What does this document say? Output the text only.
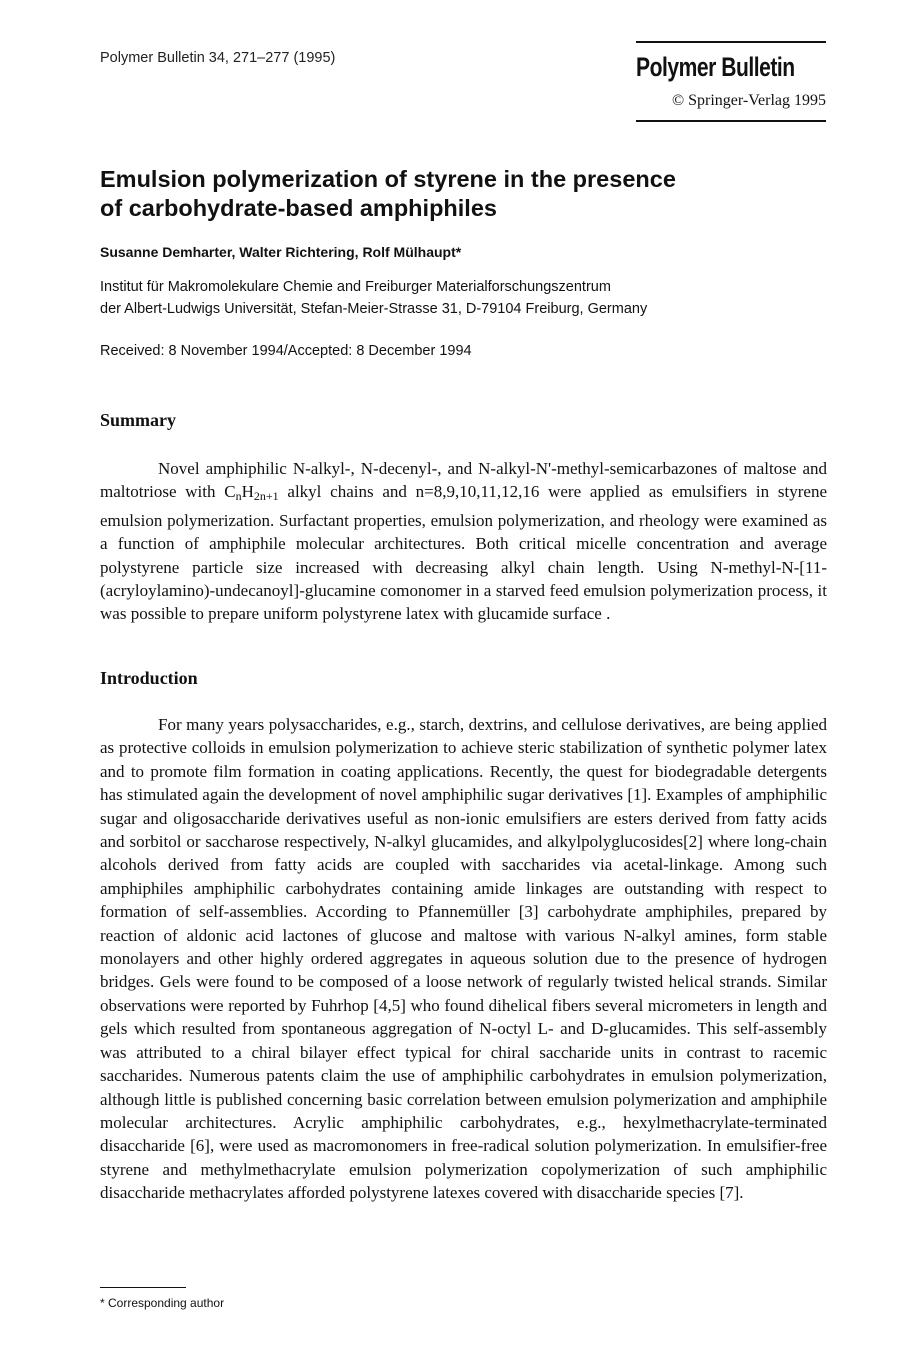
Polymer Bulletin 34, 271–277 (1995)	Polymer Bulletin
© Springer-Verlag 1995
Emulsion polymerization of styrene in the presence
of carbohydrate-based amphiphiles
Susanne Demharter, Walter Richtering, Rolf Mülhaupt*
Institut für Makromolekulare Chemie and Freiburger Materialforschungszentrum
der Albert-Ludwigs Universität, Stefan-Meier-Strasse 31, D-79104 Freiburg, Germany
Received: 8 November 1994/Accepted: 8 December 1994
Summary

Novel amphiphilic N-alkyl-, N-decenyl-, and N-alkyl-N'-methyl-semicarbazones of maltose and maltotriose with $C_nH_{2n+1}$ alkyl chains and n=8,9,10,11,12,16 were applied as emulsifiers in styrene emulsion polymerization. Surfactant properties, emulsion polymerization, and rheology were examined as a function of amphiphile molecular architectures. Both critical micelle concentration and average polystyrene particle size increased with decreasing alkyl chain length. Using N-methyl-N-[11-(acryloylamino)-undecanoyl]-glucamine comonomer in a starved feed emulsion polymerization process, it was possible to prepare uniform polystyrene latex with glucamide surface .

Introduction

For many years polysaccharides, e.g., starch, dextrins, and cellulose derivatives, are being applied as protective colloids in emulsion polymerization to achieve steric stabilization of synthetic polymer latex and to promote film formation in coating applications. Recently, the quest for biodegradable detergents has stimulated again the development of novel amphiphilic sugar derivatives [1]. Examples of amphiphilic sugar and oligosaccharide derivatives useful as non-ionic emulsifiers are esters derived from fatty acids and sorbitol or saccharose respectively, N-alkyl glucamides, and alkylpolyglucosides[2] where long-chain alcohols derived from fatty acids are coupled with saccharides via acetal-linkage. Among such amphiphiles amphiphilic carbohydrates containing amide linkages are outstanding with respect to formation of self-assemblies. According to Pfannemüller [3] carbohydrate amphiphiles, prepared by reaction of aldonic acid lactones of glucose and maltose with various N-alkyl amines, form stable monolayers and other highly ordered aggregates in aqueous solution due to the presence of hydrogen bridges. Gels were found to be composed of a loose network of regularly twisted helical strands. Similar observations were reported by Fuhrhop [4,5] who found dihelical fibers several micrometers in length and gels which resulted from spontaneous aggregation of N-octyl L- and D-glucamides. This self-assembly was attributed to a chiral bilayer effect typical for chiral saccharide units in contrast to racemic saccharides. Numerous patents claim the use of amphiphilic carbohydrates in emulsion polymerization, although little is published concerning basic correlation between emulsion polymerization and amphiphile molecular architectures. Acrylic amphiphilic carbohydrates, e.g., hexylmethacrylate-terminated disaccharide [6], were used as macromonomers in free-radical solution polymerization. In emulsifier-free styrene and methylmethacrylate emulsion polymerization copolymerization of such amphiphilic disaccharide methacrylates afforded polystyrene latexes covered with disaccharide species [7].

* Corresponding author
